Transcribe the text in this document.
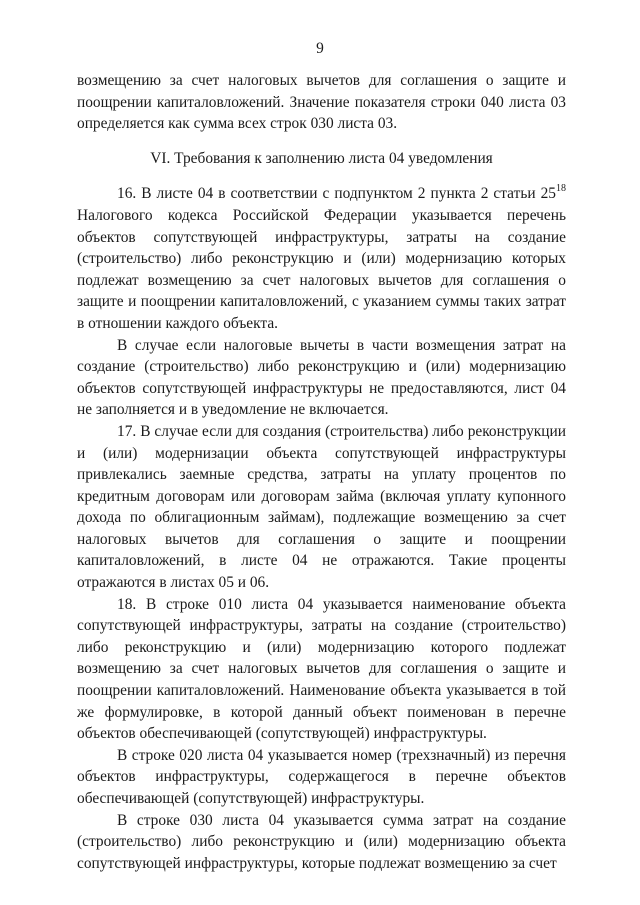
9

возмещению за счет налоговых вычетов для соглашения о защите и поощрении капиталовложений. Значение показателя строки 040 листа 03 определяется как сумма всех строк 030 листа 03.

VI. Требования к заполнению листа 04 уведомления

16. В листе 04 в соответствии с подпунктом 2 пункта 2 статьи $25^{18}$ Налогового кодекса Российской Федерации указывается перечень объектов сопутствующей инфраструктуры, затраты на создание (строительство) либо реконструкцию и (или) модернизацию которых подлежат возмещению за счет налоговых вычетов для соглашения о защите и поощрении капиталовложений, с указанием суммы таких затрат в отношении каждого объекта.

В случае если налоговые вычеты в части возмещения затрат на создание (строительство) либо реконструкцию и (или) модернизацию объектов сопутствующей инфраструктуры не предоставляются, лист 04 не заполняется и в уведомление не включается.

17. В случае если для создания (строительства) либо реконструкции и (или) модернизации объекта сопутствующей инфраструктуры привлекались заемные средства, затраты на уплату процентов по кредитным договорам или договорам займа (включая уплату купонного дохода по облигационным займам), подлежащие возмещению за счет налоговых вычетов для соглашения о защите и поощрении капиталовложений, в листе 04 не отражаются. Такие проценты отражаются в листах 05 и 06.

18. В строке 010 листа 04 указывается наименование объекта сопутствующей инфраструктуры, затраты на создание (строительство) либо реконструкцию и (или) модернизацию которого подлежат возмещению за счет налоговых вычетов для соглашения о защите и поощрении капиталовложений. Наименование объекта указывается в той же формулировке, в которой данный объект поименован в перечне объектов обеспечивающей (сопутствующей) инфраструктуры.

В строке 020 листа 04 указывается номер (трехзначный) из перечня объектов инфраструктуры, содержащегося в перечне объектов обеспечивающей (сопутствующей) инфраструктуры.

В строке 030 листа 04 указывается сумма затрат на создание (строительство) либо реконструкцию и (или) модернизацию объекта сопутствующей инфраструктуры, которые подлежат возмещению за счет
